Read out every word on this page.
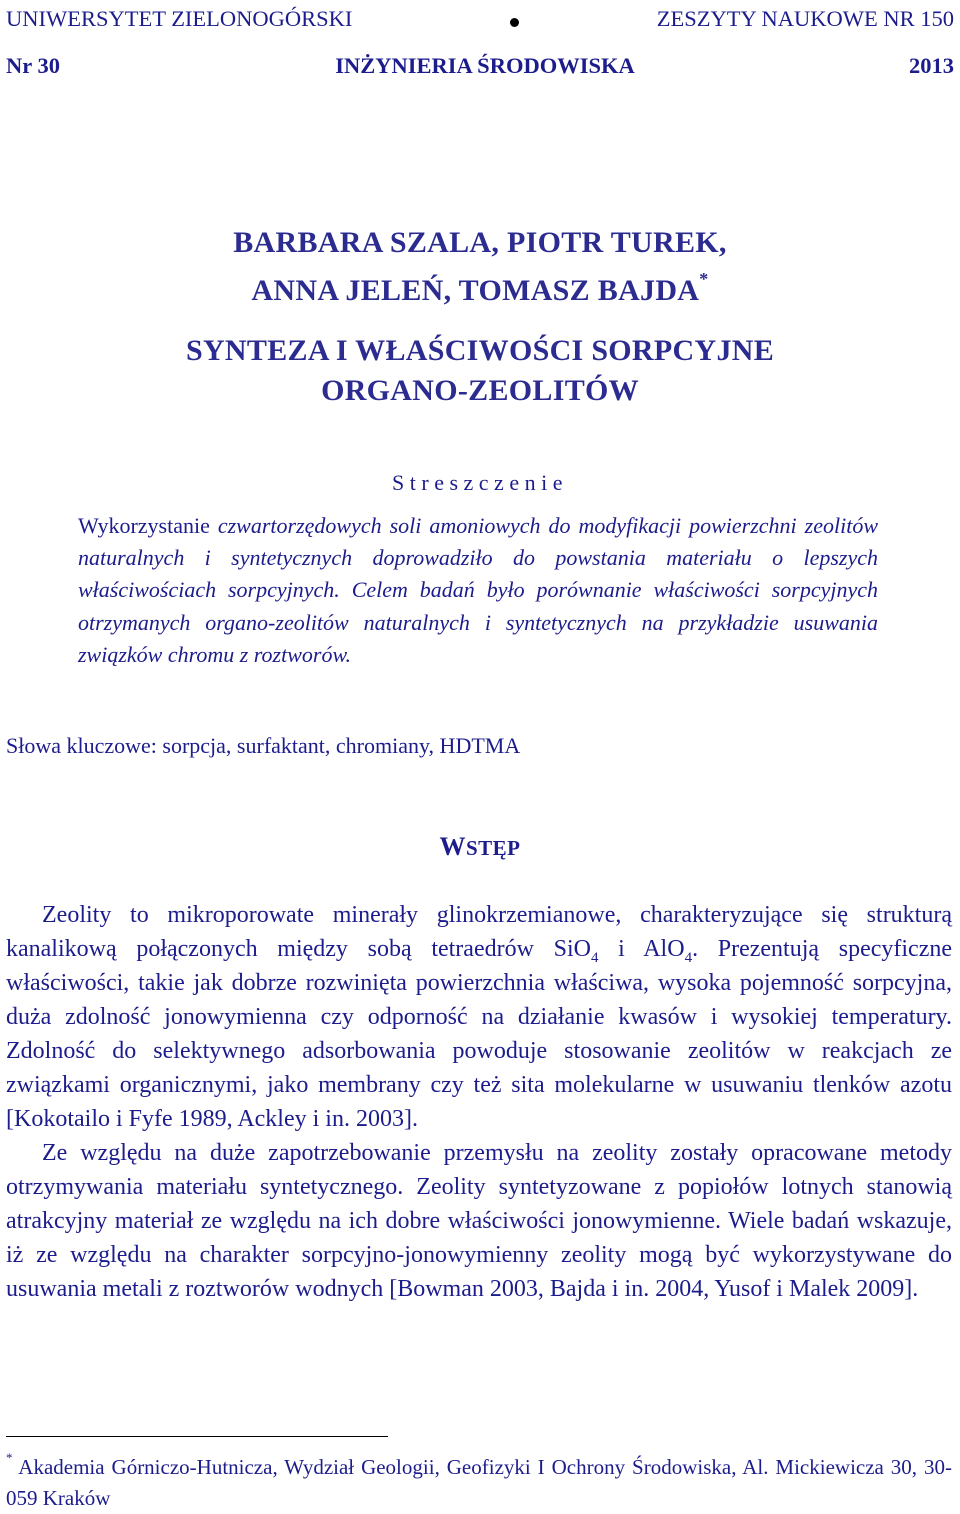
UNIWERSYTET ZIELONOGÓRSKI	ZESZYTY NAUKOWE NR 150
Nr 30	INŻYNIERIA ŚRODOWISKA	2013
BARBARA SZALA, PIOTR TUREK,
ANNA JELEŃ, TOMASZ BAJDA*
SYNTEZA I WŁAŚCIWOŚCI SORPCYJNE
ORGANO-ZEOLITÓW
Streszczenie
Wykorzystanie czwartorzędowych soli amoniowych do modyfikacji powierzchni zeolitów naturalnych i syntetycznych doprowadziło do powstania materiału o lepszych właściwościach sorpcyjnych. Celem badań było porównanie właściwości sorpcyjnych otrzymanych organo-zeolitów naturalnych i syntetycznych na przykładzie usuwania związków chromu z roztworów.
Słowa kluczowe: sorpcja, surfaktant, chromiany, HDTMA
WSTĘP

Zeolity to mikroporowate minerały glinokrzemianowe, charakteryzujące się strukturą kanalikową połączonych między sobą tetraedrów SiO$_4$ i AlO$_4$. Prezentują specyficzne właściwości, takie jak dobrze rozwinięta powierzchnia właściwa, wysoka pojemność sorpcyjna, duża zdolność jonowymienna czy odporność na działanie kwasów i wysokiej temperatury. Zdolność do selektywnego adsorbowania powoduje stosowanie zeolitów w reakcjach ze związkami organicznymi, jako membrany czy też sita molekularne w usuwaniu tlenków azotu [Kokotailo i Fyfe 1989, Ackley i in. 2003].

Ze względu na duże zapotrzebowanie przemysłu na zeolity zostały opracowane metody otrzymywania materiału syntetycznego. Zeolity syntetyzowane z popiołów lotnych stanowią atrakcyjny materiał ze względu na ich dobre właściwości jonowymienne. Wiele badań wskazuje, iż ze względu na charakter sorpcyjno-jonowymienny zeolity mogą być wykorzystywane do usuwania metali z roztworów wodnych [Bowman 2003, Bajda i in. 2004, Yusof i Malek 2009].

* Akademia Górniczo-Hutnicza, Wydział Geologii, Geofizyki I Ochrony Środowiska, Al. Mickiewicza 30, 30-059 Kraków
